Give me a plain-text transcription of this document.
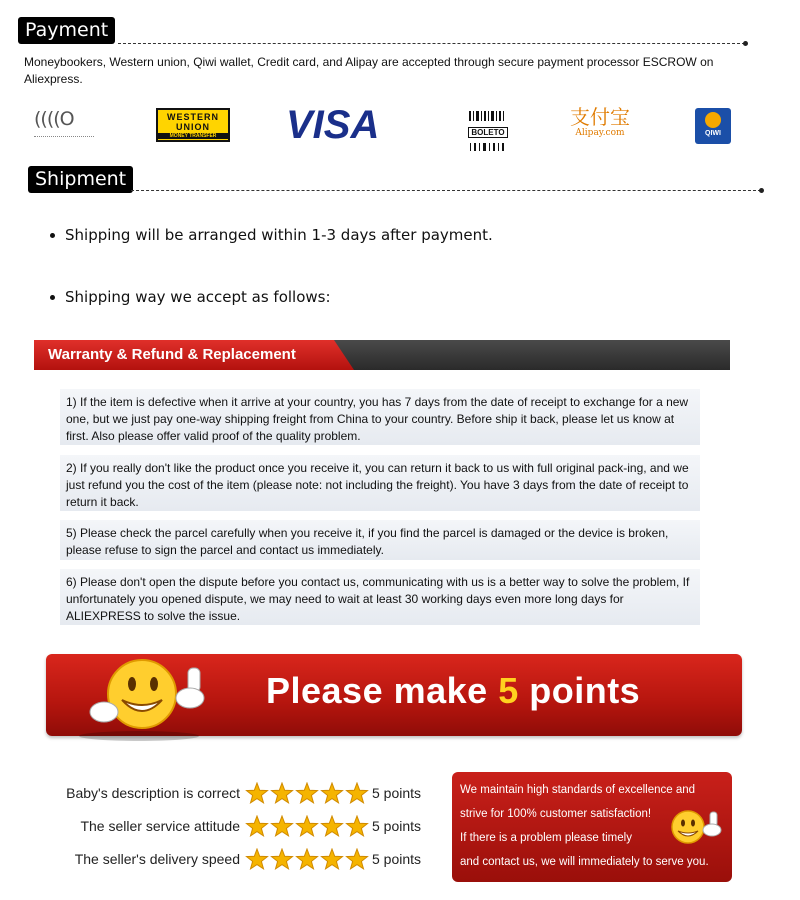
Payment
Moneybookers, Western union, Qiwi wallet, Credit card, and Alipay are accepted through secure payment processor ESCROW on Aliexpress.
((((O	WESTERN
UNION
MONEY TRANSFER VISA	BOLETO
支付宝
Alipay.com	QIWI
Shipment
Shipping will be arranged within 1-3 days after payment.
Shipping way we accept as follows:
Warranty & Refund & Replacement
1) If the item is defective when it arrive at your country, you has 7 days from the date of receipt to exchange for a new one, but we just pay one-way shipping freight from China to your country. Before ship it back, please let us know at first. Also please offer valid proof of the quality problem.
2) If you really don't like the product once you receive it, you can return it back to us with full original pack-ing, and we just refund you the cost of the item (please note: not including the freight). You have 3 days from the date of receipt to return it back.
5) Please check the parcel carefully when you receive it, if you find the parcel is damaged or the device is broken, please refuse to sign the parcel and contact us immediately.
6) Please don't open the dispute before you contact us, communicating with us is a better way to solve the problem, If unfortunately you opened dispute, we may need to wait at least 30 working days even more long days for ALIEXPRESS to solve the issue.
Please make 5 points
Baby's description is correct	5 points
The seller service attitude	5 points
The seller's delivery speed	5 points
We maintain high standards of excellence and
strive for 100% customer satisfaction!
If there is a problem please timely
and contact us, we will immediately to serve you.
